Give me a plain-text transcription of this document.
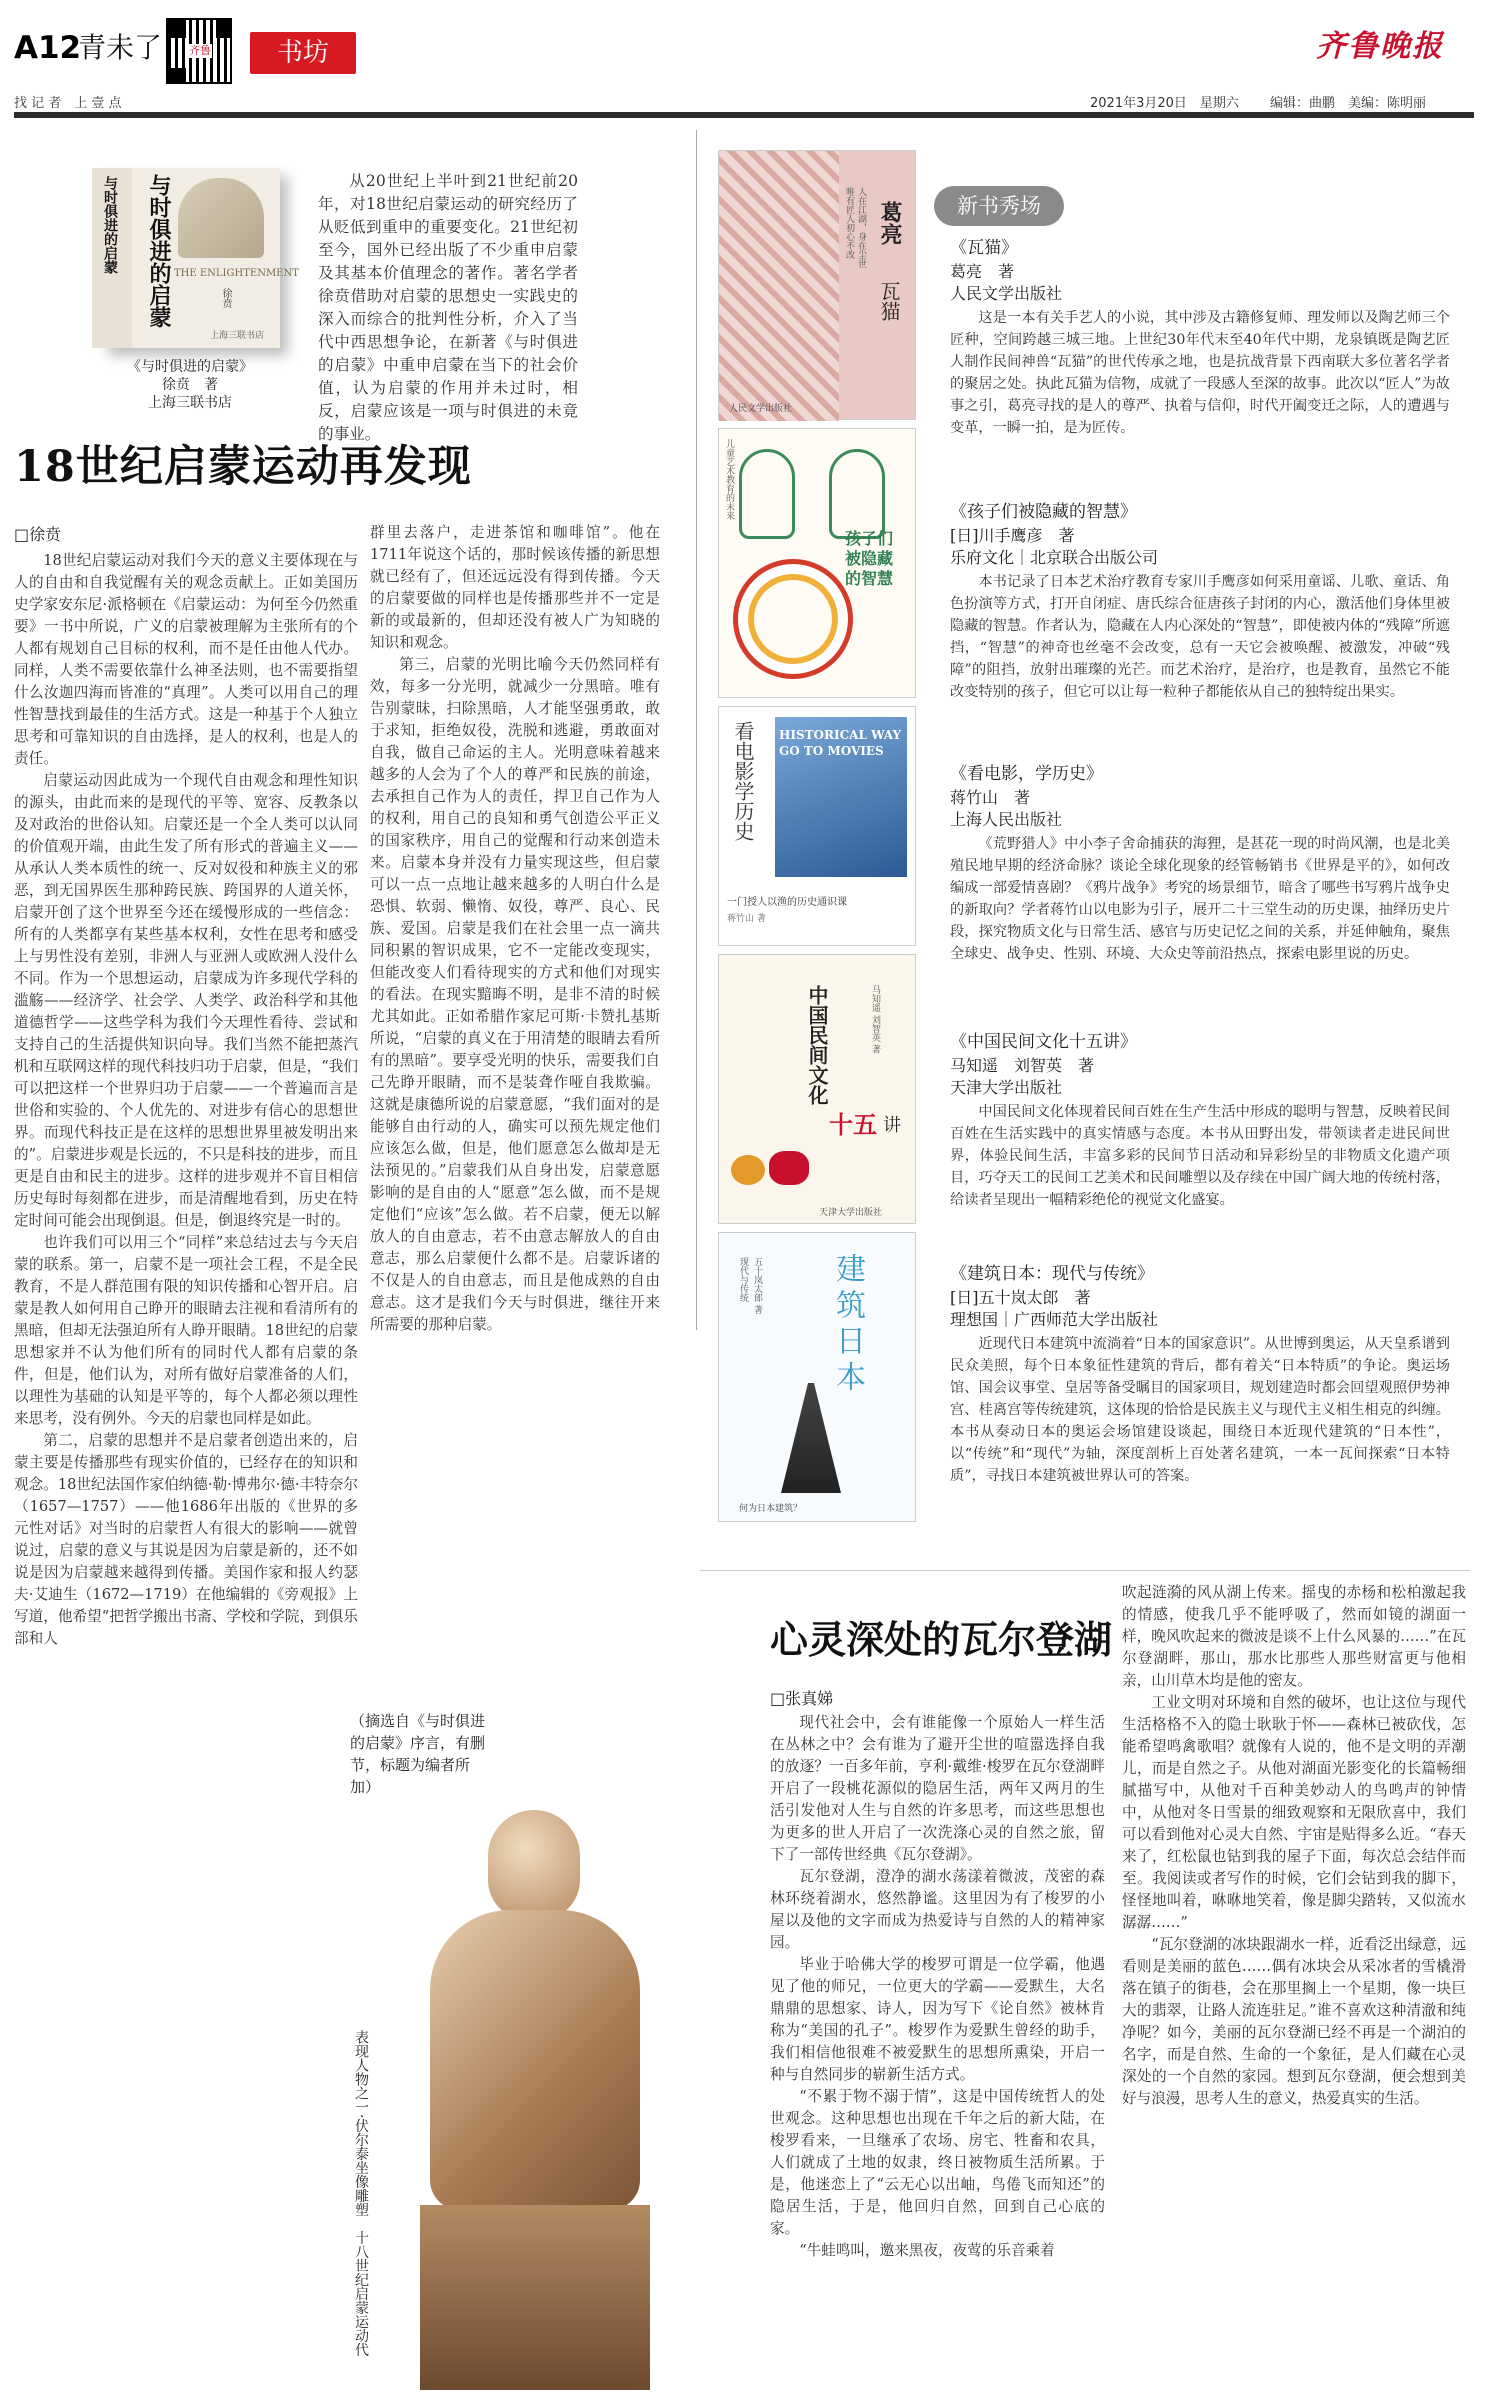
A12
青未了 齐鲁	书坊	齐鲁晚报
找 记 者　上 壹 点	2021年3月20日　星期六 编辑：曲鹏　美编：陈明丽
与时俱进的启蒙 与时俱进的启蒙 THE ENLIGHTENMENT
徐贲
上海三联书店
《与时俱进的启蒙》
徐贲　著
上海三联书店

从20世纪上半叶到21世纪前20年，对18世纪启蒙运动的研究经历了从贬低到重申的重要变化。21世纪初至今，国外已经出版了不少重申启蒙及其基本价值理念的著作。著名学者徐贲借助对启蒙的思想史一实践史的深入而综合的批判性分析，介入了当代中西思想争论，在新著《与时俱进的启蒙》中重申启蒙在当下的社会价值，认为启蒙的作用并未过时，相反，启蒙应该是一项与时俱进的未竟的事业。

18世纪启蒙运动再发现
□徐贲

18世纪启蒙运动对我们今天的意义主要体现在与人的自由和自我觉醒有关的观念贡献上。正如美国历史学家安东尼·派格顿在《启蒙运动：为何至今仍然重要》一书中所说，广义的启蒙被理解为主张所有的个人都有规划自己目标的权利，而不是任由他人代办。同样，人类不需要依靠什么神圣法则，也不需要指望什么汝迦四海而皆准的“真理”。人类可以用自己的理性智慧找到最佳的生活方式。这是一种基于个人独立思考和可靠知识的自由选择，是人的权利，也是人的责任。

启蒙运动因此成为一个现代自由观念和理性知识的源头，由此而来的是现代的平等、宽容、反教条以及对政治的世俗认知。启蒙还是一个全人类可以认同的价值观开端，由此生发了所有形式的普遍主义——从承认人类本质性的统一、反对奴役和种族主义的邪恶，到无国界医生那种跨民族、跨国界的人道关怀，启蒙开创了这个世界至今还在缓慢形成的一些信念：所有的人类都享有某些基本权利，女性在思考和感受上与男性没有差别，非洲人与亚洲人或欧洲人没什么不同。作为一个思想运动，启蒙成为许多现代学科的滥觞——经济学、社会学、人类学、政治科学和其他道德哲学——这些学科为我们今天理性看待、尝试和支持自己的生活提供知识向导。我们当然不能把蒸汽机和互联网这样的现代科技归功于启蒙，但是，“我们可以把这样一个世界归功于启蒙——一个普遍而言是世俗和实验的、个人优先的、对进步有信心的思想世界。而现代科技正是在这样的思想世界里被发明出来的”。启蒙进步观是长远的，不只是科技的进步，而且更是自由和民主的进步。这样的进步观并不盲目相信历史每时每刻都在进步，而是清醒地看到，历史在特定时间可能会出现倒退。但是，倒退终究是一时的。

也许我们可以用三个“同样”来总结过去与今天启蒙的联系。第一，启蒙不是一项社会工程，不是全民教育，不是人群范围有限的知识传播和心智开启。启蒙是教人如何用自己睁开的眼睛去注视和看清所有的黑暗，但却无法强迫所有人睁开眼睛。18世纪的启蒙思想家并不认为他们所有的同时代人都有启蒙的条件，但是，他们认为，对所有做好启蒙准备的人们，以理性为基础的认知是平等的，每个人都必须以理性来思考，没有例外。今天的启蒙也同样是如此。

第二，启蒙的思想并不是启蒙者创造出来的，启蒙主要是传播那些有现实价值的，已经存在的知识和观念。18世纪法国作家伯纳德·勒·博弗尔·德·丰特奈尔（1657—1757）——他1686年出版的《世界的多元性对话》对当时的启蒙哲人有很大的影响——就曾说过，启蒙的意义与其说是因为启蒙是新的，还不如说是因为启蒙越来越得到传播。美国作家和报人约瑟夫·艾迪生（1672—1719）在他编辑的《旁观报》上写道，他希望“把哲学搬出书斋、学校和学院，到俱乐部和人

群里去落户，走进茶馆和咖啡馆”。他在1711年说这个话的，那时候该传播的新思想就已经有了，但还远远没有得到传播。今天的启蒙要做的同样也是传播那些并不一定是新的或最新的，但却还没有被人广为知晓的知识和观念。

第三，启蒙的光明比喻今天仍然同样有效，每多一分光明，就减少一分黑暗。唯有告别蒙昧，扫除黑暗，人才能坚强勇敢，敢于求知，拒绝奴役，洗脱和逃避，勇敢面对自我，做自己命运的主人。光明意味着越来越多的人会为了个人的尊严和民族的前途，去承担自己作为人的责任，捍卫自己作为人的权利，用自己的良知和勇气创造公平正义的国家秩序，用自己的觉醒和行动来创造未来。启蒙本身并没有力量实现这些，但启蒙可以一点一点地让越来越多的人明白什么是恐惧、软弱、懒惰、奴役，尊严、良心、民族、爱国。启蒙是我们在社会里一点一滴共同积累的智识成果，它不一定能改变现实，但能改变人们看待现实的方式和他们对现实的看法。在现实黯晦不明，是非不清的时候尤其如此。正如希腊作家尼可斯·卡赞扎基斯所说，“启蒙的真义在于用清楚的眼睛去看所有的黑暗”。要享受光明的快乐，需要我们自己先睁开眼睛，而不是装聋作哑自我欺骗。这就是康德所说的启蒙意愿，“我们面对的是能够自由行动的人，确实可以预先规定他们应该怎么做，但是，他们愿意怎么做却是无法预见的。”启蒙我们从自身出发，启蒙意愿影响的是自由的人“愿意”怎么做，而不是规定他们“应该”怎么做。若不启蒙，便无以解放人的自由意志，若不由意志解放人的自由意志，那么启蒙便什么都不是。启蒙诉诸的不仅是人的自由意志，而且是他成熟的自由意志。这才是我们今天与时俱进，继往开来所需要的那种启蒙。

（摘选自《与时俱进的启蒙》序言，有删节，标题为编者所加）
表现人物之一·伏尔泰坐像雕塑　十八世纪启蒙运动代
新书秀场
葛亮
瓦猫
唯有匠人初心不改 人在江湖，身在尘世
人民文学出版社
孩子们被隐藏的智慧
儿童艺术教育的未来
看电影学历史 HISTORICAL WAY GO TO MOVIES
一门授人以渔的历史通识课
蒋竹山 著
中国民间文化
十五 讲
马知遥 刘智英 著
天津大学出版社
建筑日本
现代与传统 五十岚太郎 著
何为日本建筑？
《瓦猫》
葛亮　著
人民文学出版社
这是一本有关手艺人的小说，其中涉及古籍修复师、理发师以及陶艺师三个匠种，空间跨越三城三地。上世纪30年代末至40年代中期，龙泉镇既是陶艺匠人制作民间神兽“瓦猫”的世代传承之地，也是抗战背景下西南联大多位著名学者的聚居之处。执此瓦猫为信物，成就了一段感人至深的故事。此次以“匠人”为故事之引，葛亮寻找的是人的尊严、执着与信仰，时代开阖变迁之际，人的遭遇与变革，一瞬一拍，是为匠传。
《孩子们被隐藏的智慧》
[日]川手鹰彦　著
乐府文化｜北京联合出版公司
本书记录了日本艺术治疗教育专家川手鹰彦如何采用童谣、儿歌、童话、角色扮演等方式，打开自闭症、唐氏综合征唐孩子封闭的内心，激活他们身体里被隐藏的智慧。作者认为，隐藏在人内心深处的“智慧”，即使被内体的“残障”所遮挡，“智慧”的神奇也丝毫不会改变，总有一天它会被唤醒、被激发，冲破“残障”的阻挡，放射出璀璨的光芒。而艺术治疗，是治疗，也是教育，虽然它不能改变特别的孩子，但它可以让每一粒种子都能依从自己的独特绽出果实。
《看电影，学历史》
蒋竹山　著
上海人民出版社
《荒野猎人》中小李子舍命捕获的海狸，是甚花一现的时尚风潮，也是北美殖民地早期的经济命脉？谈论全球化现象的经管畅销书《世界是平的》，如何改编成一部爱情喜剧？《鸦片战争》考究的场景细节，暗含了哪些书写鸦片战争史的新取向？学者蒋竹山以电影为引子，展开二十三堂生动的历史课，抽绎历史片段，探究物质文化与日常生活、感官与历史记忆之间的关系，并延伸触角，聚焦全球史、战争史、性别、环境、大众史等前沿热点，探索电影里说的历史。
《中国民间文化十五讲》
马知遥　刘智英　著
天津大学出版社
中国民间文化体现着民间百姓在生产生活中形成的聪明与智慧，反映着民间百姓在生活实践中的真实情感与态度。本书从田野出发，带领读者走进民间世界，体验民间生活，丰富多彩的民间节日活动和异彩纷呈的非物质文化遗产项目，巧夺天工的民间工艺美术和民间雕塑以及存续在中国广阔大地的传统村落，给读者呈现出一幅精彩绝伦的视觉文化盛宴。
《建筑日本：现代与传统》
[日]五十岚太郎　著
理想国｜广西师范大学出版社
近现代日本建筑中流淌着“日本的国家意识”。从世博到奥运，从天皇系谱到民众美照，每个日本象征性建筑的背后，都有着关“日本特质”的争论。奥运场馆、国会议事堂、皇居等备受瞩目的国家项目，规划建造时都会回望观照伊势神宫、桂离宫等传统建筑，这体现的恰恰是民族主义与现代主义相生相克的纠缠。本书从奏动日本的奥运会场馆建设谈起，围绕日本近现代建筑的“日本性”，以“传统”和“现代”为轴，深度剖析上百处著名建筑，一本一瓦间探索“日本特质”，寻找日本建筑被世界认可的答案。
心灵深处的瓦尔登湖
□张真娣

现代社会中，会有谁能像一个原始人一样生活在丛林之中？会有谁为了避开尘世的喧嚣选择自我的放逐？一百多年前，亨利·戴维·梭罗在瓦尔登湖畔开启了一段桃花源似的隐居生活，两年又两月的生活引发他对人生与自然的许多思考，而这些思想也为更多的世人开启了一次洗涤心灵的自然之旅，留下了一部传世经典《瓦尔登湖》。

瓦尔登湖，澄净的湖水荡漾着微波，茂密的森林环绕着湖水，悠然静谧。这里因为有了梭罗的小屋以及他的文字而成为热爱诗与自然的人的精神家园。

毕业于哈佛大学的梭罗可谓是一位学霸，他遇见了他的师兄，一位更大的学霸——爱默生，大名鼎鼎的思想家、诗人，因为写下《论自然》被林肯称为“美国的孔子”。梭罗作为爱默生曾经的助手，我们相信他很难不被爱默生的思想所熏染，开启一种与自然同步的崭新生活方式。

“不累于物不溺于情”，这是中国传统哲人的处世观念。这种思想也出现在千年之后的新大陆，在梭罗看来，一旦继承了农场、房宅、牲畜和农具，人们就成了土地的奴隶，终日被物质生活所累。于是，他迷恋上了“云无心以出岫，鸟倦飞而知还”的隐居生活，于是，他回归自然，回到自己心底的家。

“牛蛙鸣叫，邀来黑夜，夜莺的乐音乘着

吹起涟漪的风从湖上传来。摇曳的赤杨和松柏激起我的情感，使我几乎不能呼吸了，然而如镜的湖面一样，晚风吹起来的微波是谈不上什么风暴的……”在瓦尔登湖畔，那山，那水比那些人那些财富更与他相亲，山川草木均是他的密友。

工业文明对环境和自然的破坏，也让这位与现代生活格格不入的隐士耿耿于怀——森林已被砍伐，怎能希望鸣禽歌唱？就像有人说的，他不是文明的弄潮儿，而是自然之子。从他对湖面光影变化的长篇畅细腻描写中，从他对千百种美妙动人的鸟鸣声的钟情中，从他对冬日雪景的细致观察和无限欣喜中，我们可以看到他对心灵大自然、宇宙是贴得多么近。“春天来了，红松鼠也钻到我的屋子下面，每次总会结伴而至。我阅读或者写作的时候，它们会钻到我的脚下，怪怪地叫着，咻咻地笑着，像是脚尖踏转，又似流水潺潺……”

“瓦尔登湖的冰块跟湖水一样，近看泛出绿意，远看则是美丽的蓝色……偶有冰块会从采冰者的雪橇滑落在镇子的街巷，会在那里搁上一个星期，像一块巨大的翡翠，让路人流连驻足。”谁不喜欢这种清澈和纯净呢？如今，美丽的瓦尔登湖已经不再是一个湖泊的名字，而是自然、生命的一个象征，是人们藏在心灵深处的一个自然的家园。想到瓦尔登湖，便会想到美好与浪漫，思考人生的意义，热爱真实的生活。
